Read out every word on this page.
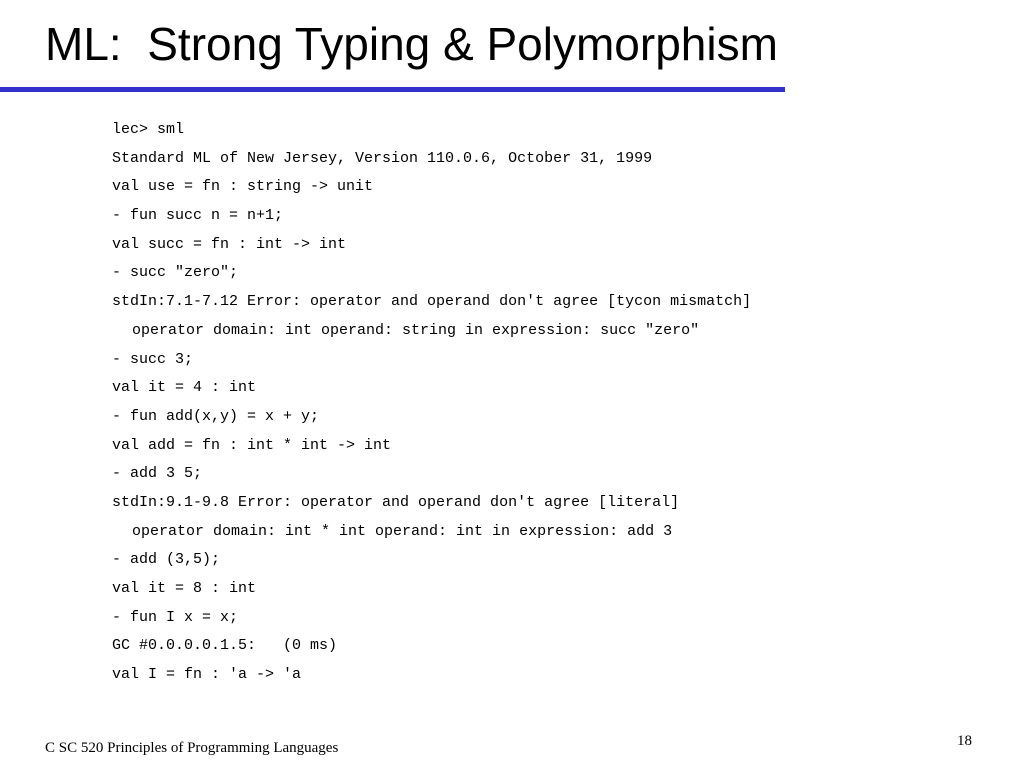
ML:  Strong Typing & Polymorphism
lec> sml
Standard ML of New Jersey, Version 110.0.6, October 31, 1999
val use = fn : string -> unit
- fun succ n = n+1;
val succ = fn : int -> int
- succ "zero";
stdIn:7.1-7.12 Error: operator and operand don't agree [tycon mismatch]
operator domain: int operand: string in expression: succ "zero"
- succ 3;
val it = 4 : int
- fun add(x,y) = x + y;
val add = fn : int * int -> int
- add 3 5;
stdIn:9.1-9.8 Error: operator and operand don't agree [literal]
operator domain: int * int operand: int in expression: add 3
- add (3,5);
val it = 8 : int
- fun I x = x;
GC #0.0.0.0.1.5:   (0 ms)
val I = fn : 'a -> 'a
C SC 520 Principles of Programming Languages	18
